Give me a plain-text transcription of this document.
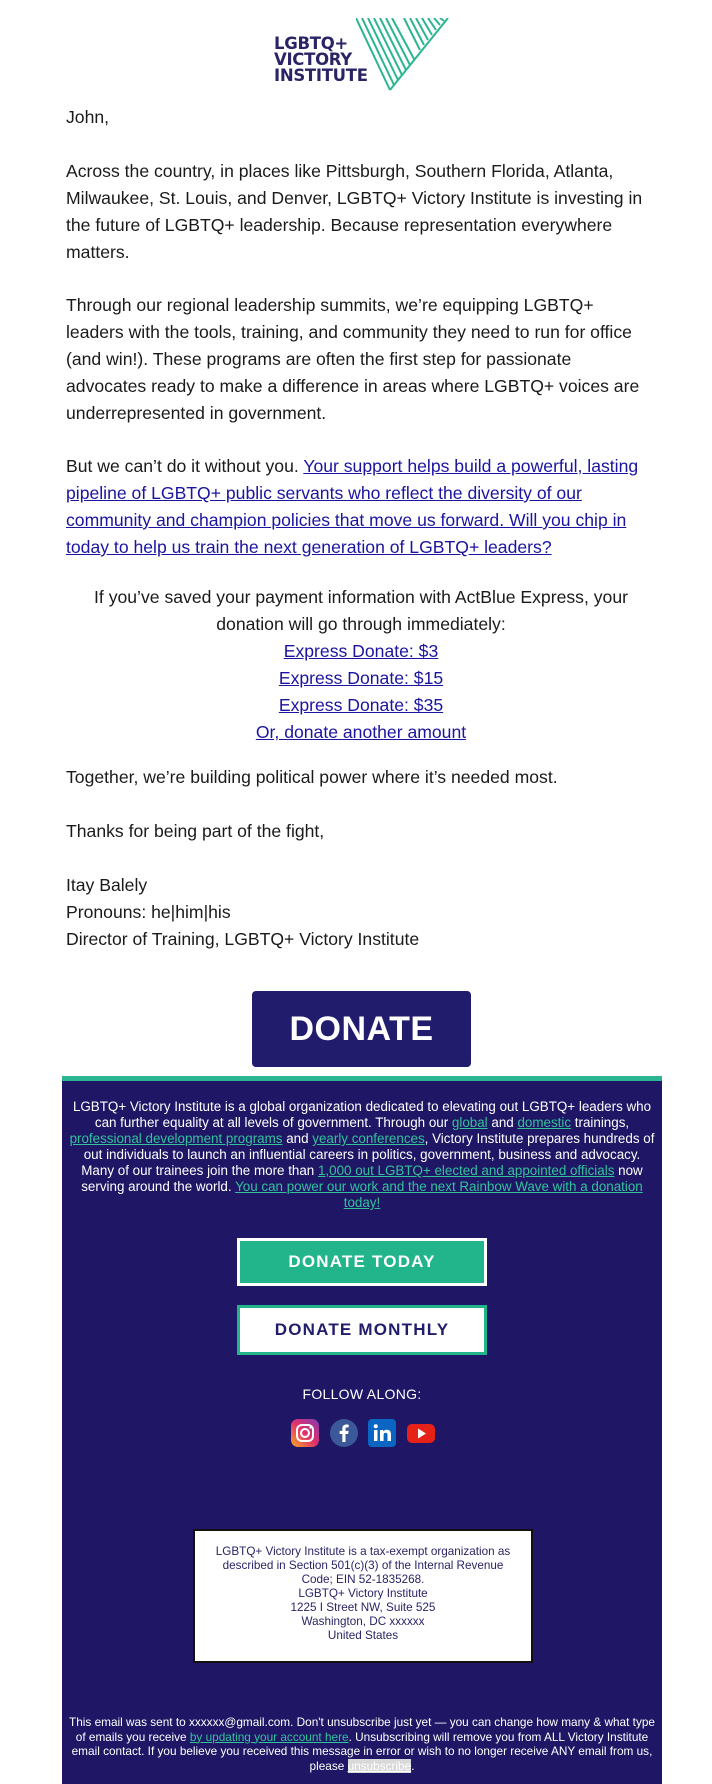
LGBTQ+
VICTORY
INSTITUTE
John,
Across the country, in places like Pittsburgh, Southern Florida, Atlanta, Milwaukee, St. Louis, and Denver, LGBTQ+ Victory Institute is investing in the future of LGBTQ+ leadership. Because representation everywhere matters.
Through our regional leadership summits, we’re equipping LGBTQ+ leaders with the tools, training, and community they need to run for office (and win!). These programs are often the first step for passionate advocates ready to make a difference in areas where LGBTQ+ voices are underrepresented in government.
But we can’t do it without you. Your support helps build a powerful, lasting pipeline of LGBTQ+ public servants who reflect the diversity of our community and champion policies that move us forward. Will you chip in today to help us train the next generation of LGBTQ+ leaders?
If you’ve saved your payment information with ActBlue Express, your donation will go through immediately:
Express Donate: $3
Express Donate: $15
Express Donate: $35
Or, donate another amount
Together, we’re building political power where it’s needed most.
Thanks for being part of the fight,
Itay Balely
Pronouns: he|him|his
Director of Training, LGBTQ+ Victory Institute
DONATE
LGBTQ+ Victory Institute is a global organization dedicated to elevating out LGBTQ+ leaders who can further equality at all levels of government. Through our global and domestic trainings, professional development programs and yearly conferences, Victory Institute prepares hundreds of out individuals to launch an influential careers in politics, government, business and advocacy. Many of our trainees join the more than 1,000 out LGBTQ+ elected and appointed officials now serving around the world. You can power our work and the next Rainbow Wave with a donation today!
DONATE TODAY
DONATE MONTHLY
FOLLOW ALONG:
LGBTQ+ Victory Institute is a tax-exempt organization as described in Section 501(c)(3) of the Internal Revenue Code; EIN 52-1835268.
LGBTQ+ Victory Institute
1225 I Street NW, Suite 525
Washington, DC xxxxxx
United States
This email was sent to xxxxxx@gmail.com. Don't unsubscribe just yet — you can change how many & what type of emails you receive by updating your account here. Unsubscribing will remove you from ALL Victory Institute email contact. If you believe you received this message in error or wish to no longer receive ANY email from us, please unsubscribe.
